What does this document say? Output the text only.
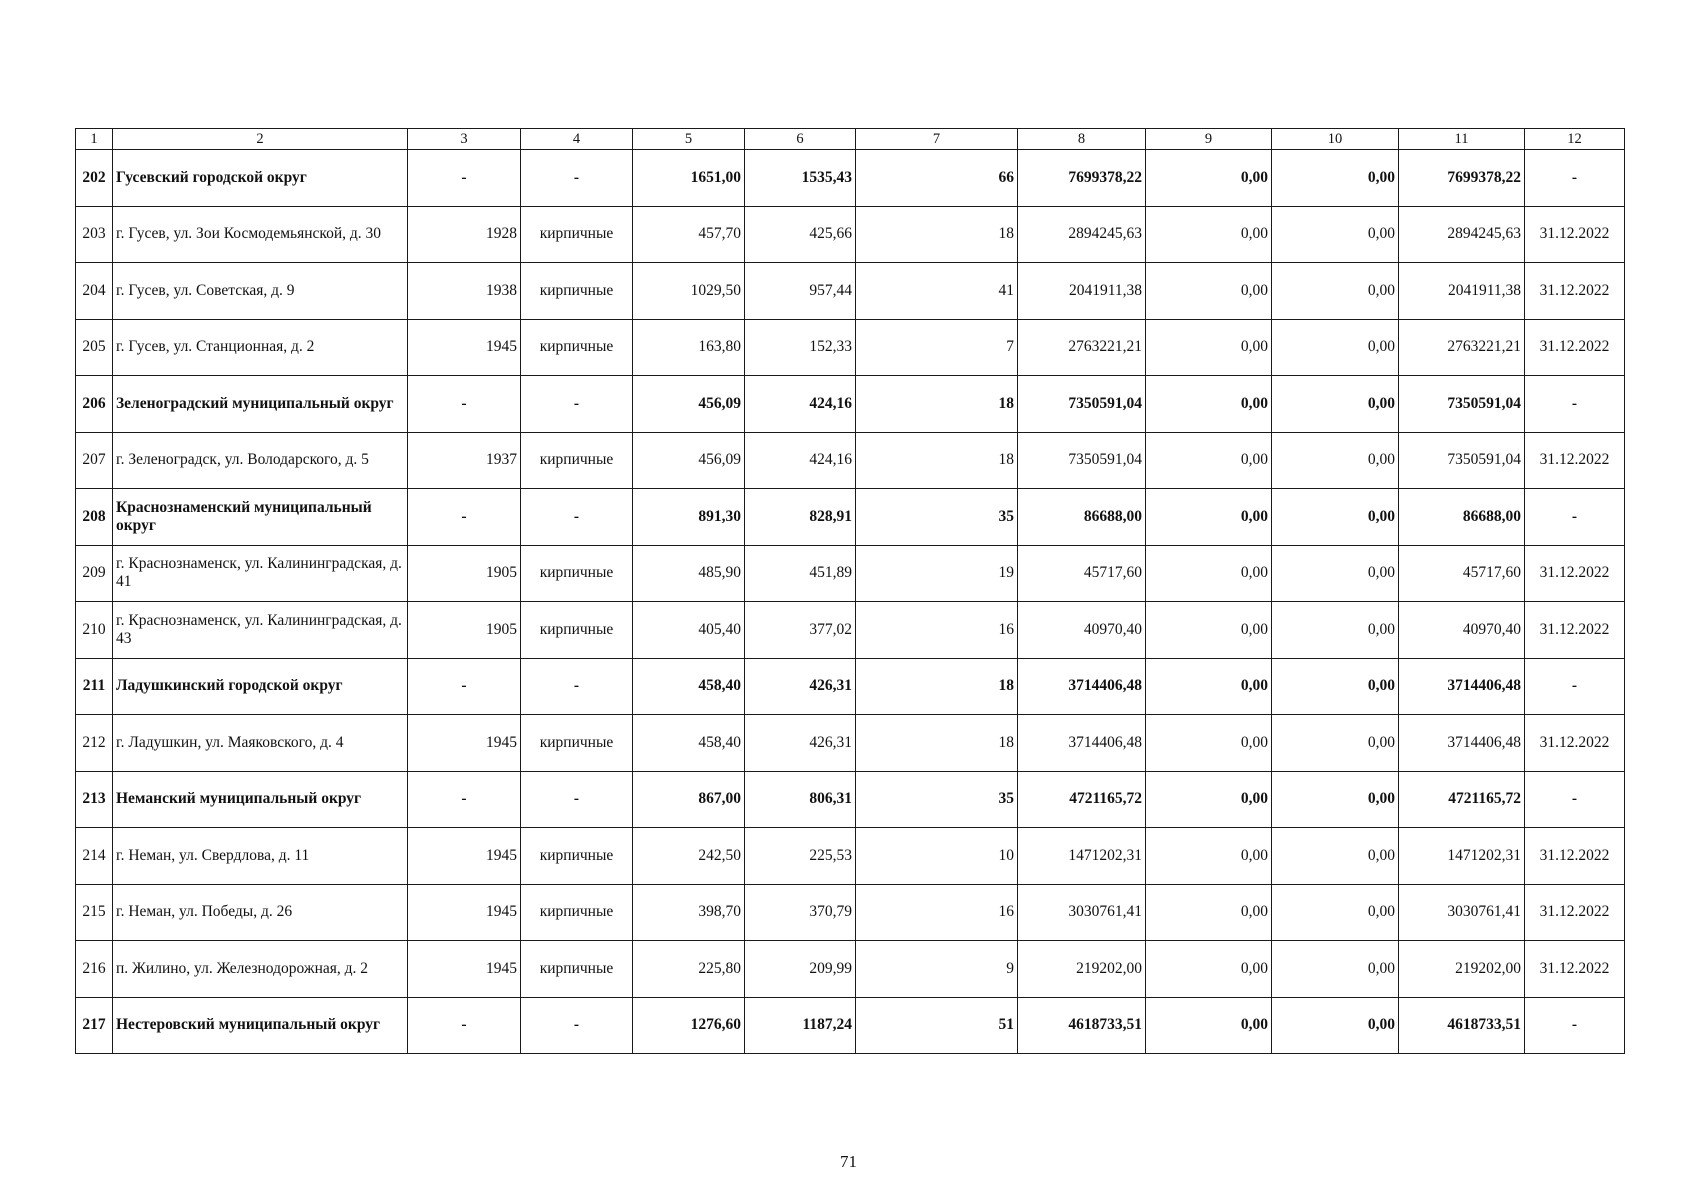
1	2	3	4	5	6	7	8	9	10	11	12
202	Гусевский городской округ	-	-	1651,00	1535,43	66	7699378,22	0,00	0,00	7699378,22	-
203	г. Гусев, ул. Зои Космодемьянской, д. 30	1928	кирпичные	457,70	425,66	18	2894245,63	0,00	0,00	2894245,63	31.12.2022
204	г. Гусев, ул. Советская, д. 9	1938	кирпичные	1029,50	957,44	41	2041911,38	0,00	0,00	2041911,38	31.12.2022
205	г. Гусев, ул. Станционная, д. 2	1945	кирпичные	163,80	152,33	7	2763221,21	0,00	0,00	2763221,21	31.12.2022
206	Зеленоградский муниципальный округ	-	-	456,09	424,16	18	7350591,04	0,00	0,00	7350591,04	-
207	г. Зеленоградск, ул. Володарского, д. 5	1937	кирпичные	456,09	424,16	18	7350591,04	0,00	0,00	7350591,04	31.12.2022
208	Краснознаменский муниципальный округ	-	-	891,30	828,91	35	86688,00	0,00	0,00	86688,00	-
209	г. Краснознаменск, ул. Калининградская, д. 41	1905	кирпичные	485,90	451,89	19	45717,60	0,00	0,00	45717,60	31.12.2022
210	г. Краснознаменск, ул. Калининградская, д. 43	1905	кирпичные	405,40	377,02	16	40970,40	0,00	0,00	40970,40	31.12.2022
211	Ладушкинский городской округ	-	-	458,40	426,31	18	3714406,48	0,00	0,00	3714406,48	-
212	г. Ладушкин, ул. Маяковского, д. 4	1945	кирпичные	458,40	426,31	18	3714406,48	0,00	0,00	3714406,48	31.12.2022
213	Неманский муниципальный округ	-	-	867,00	806,31	35	4721165,72	0,00	0,00	4721165,72	-
214	г. Неман, ул. Свердлова, д. 11	1945	кирпичные	242,50	225,53	10	1471202,31	0,00	0,00	1471202,31	31.12.2022
215	г. Неман, ул. Победы, д. 26	1945	кирпичные	398,70	370,79	16	3030761,41	0,00	0,00	3030761,41	31.12.2022
216	п. Жилино, ул. Железнодорожная, д. 2	1945	кирпичные	225,80	209,99	9	219202,00	0,00	0,00	219202,00	31.12.2022
217	Нестеровский муниципальный округ	-	-	1276,60	1187,24	51	4618733,51	0,00	0,00	4618733,51	-
71
